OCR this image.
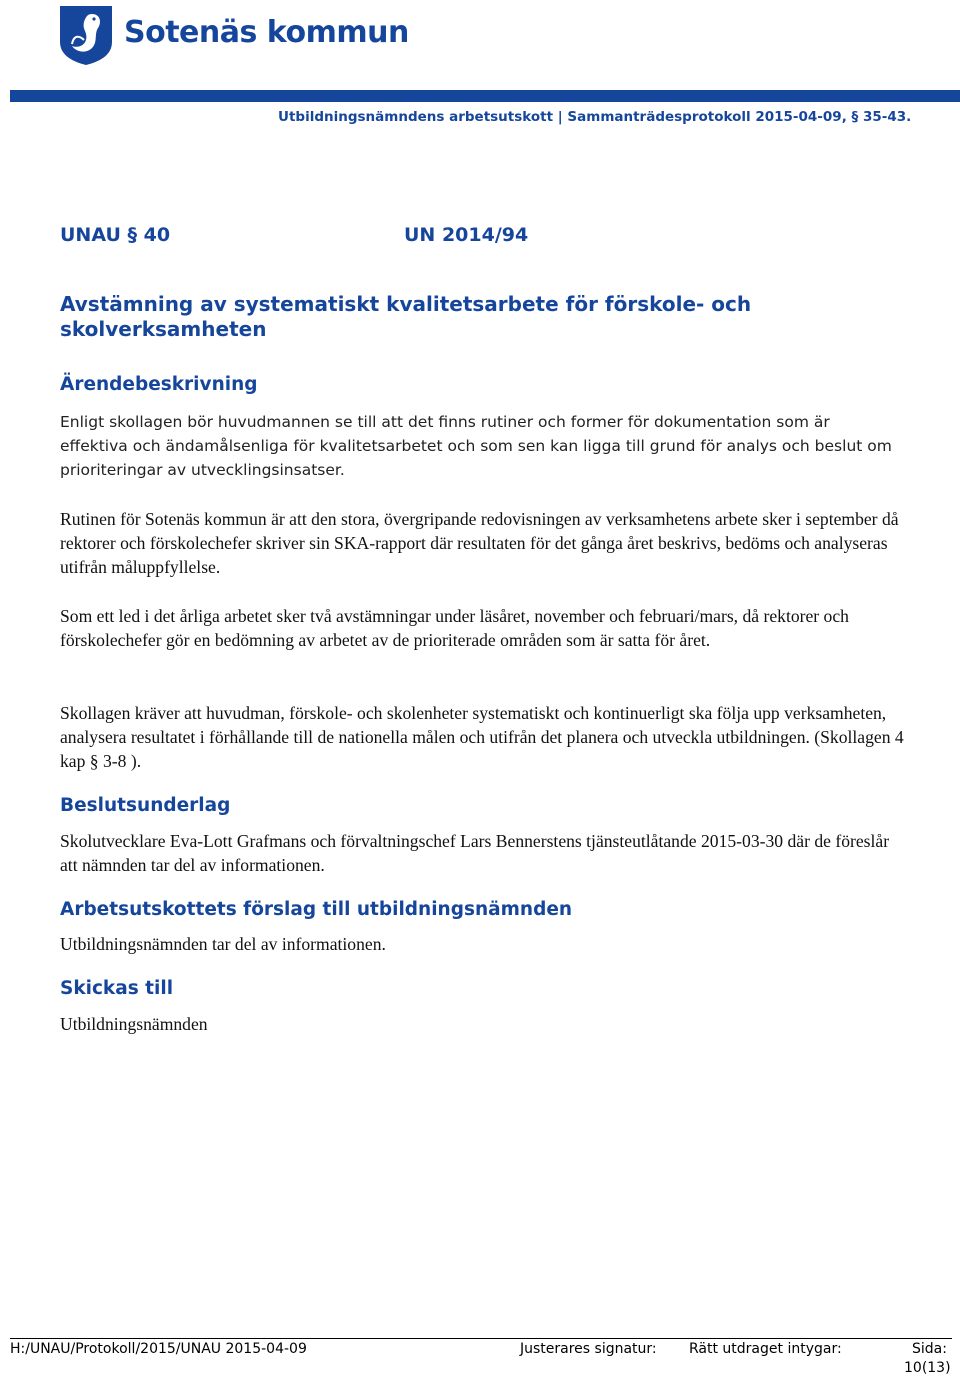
Sotenäs kommun
Utbildningsnämndens arbetsutskott | Sammanträdesprotokoll 2015-04-09, § 35-43.
UNAU § 40	UN 2014/94
Avstämning av systematiskt kvalitetsarbete för förskole- och skolverksamheten
Ärendebeskrivning
Enligt skollagen bör huvudmannen se till att det finns rutiner och former för dokumentation som är effektiva och ändamålsenliga för kvalitetsarbetet och som sen kan ligga till grund för analys och beslut om prioriteringar av utvecklingsinsatser.
Rutinen för Sotenäs kommun är att den stora, övergripande redovisningen av verksamhetens arbete sker i september då rektorer och förskolechefer skriver sin SKA-rapport där resultaten för det gånga året beskrivs, bedöms och analyseras utifrån måluppfyllelse.
Som ett led i det årliga arbetet sker två avstämningar under läsåret, november och februari/mars, då rektorer och förskolechefer gör en bedömning av arbetet av de prioriterade områden som är satta för året.
Skollagen kräver att huvudman, förskole- och skolenheter systematiskt och kontinuerligt ska följa upp verksamheten, analysera resultatet i förhållande till de nationella målen och utifrån det planera och utveckla utbildningen. (Skollagen 4 kap § 3-8 ).
Beslutsunderlag
Skolutvecklare Eva-Lott Grafmans och förvaltningschef Lars Bennerstens tjänsteutlåtande 2015-03-30 där de föreslår att nämnden tar del av informationen.
Arbetsutskottets förslag till utbildningsnämnden
Utbildningsnämnden tar del av informationen.
Skickas till
Utbildningsnämnden
H:/UNAU/Protokoll/2015/UNAU 2015-04-09	Justerares signatur: Rätt utdraget intygar:	Sida:
10(13)
